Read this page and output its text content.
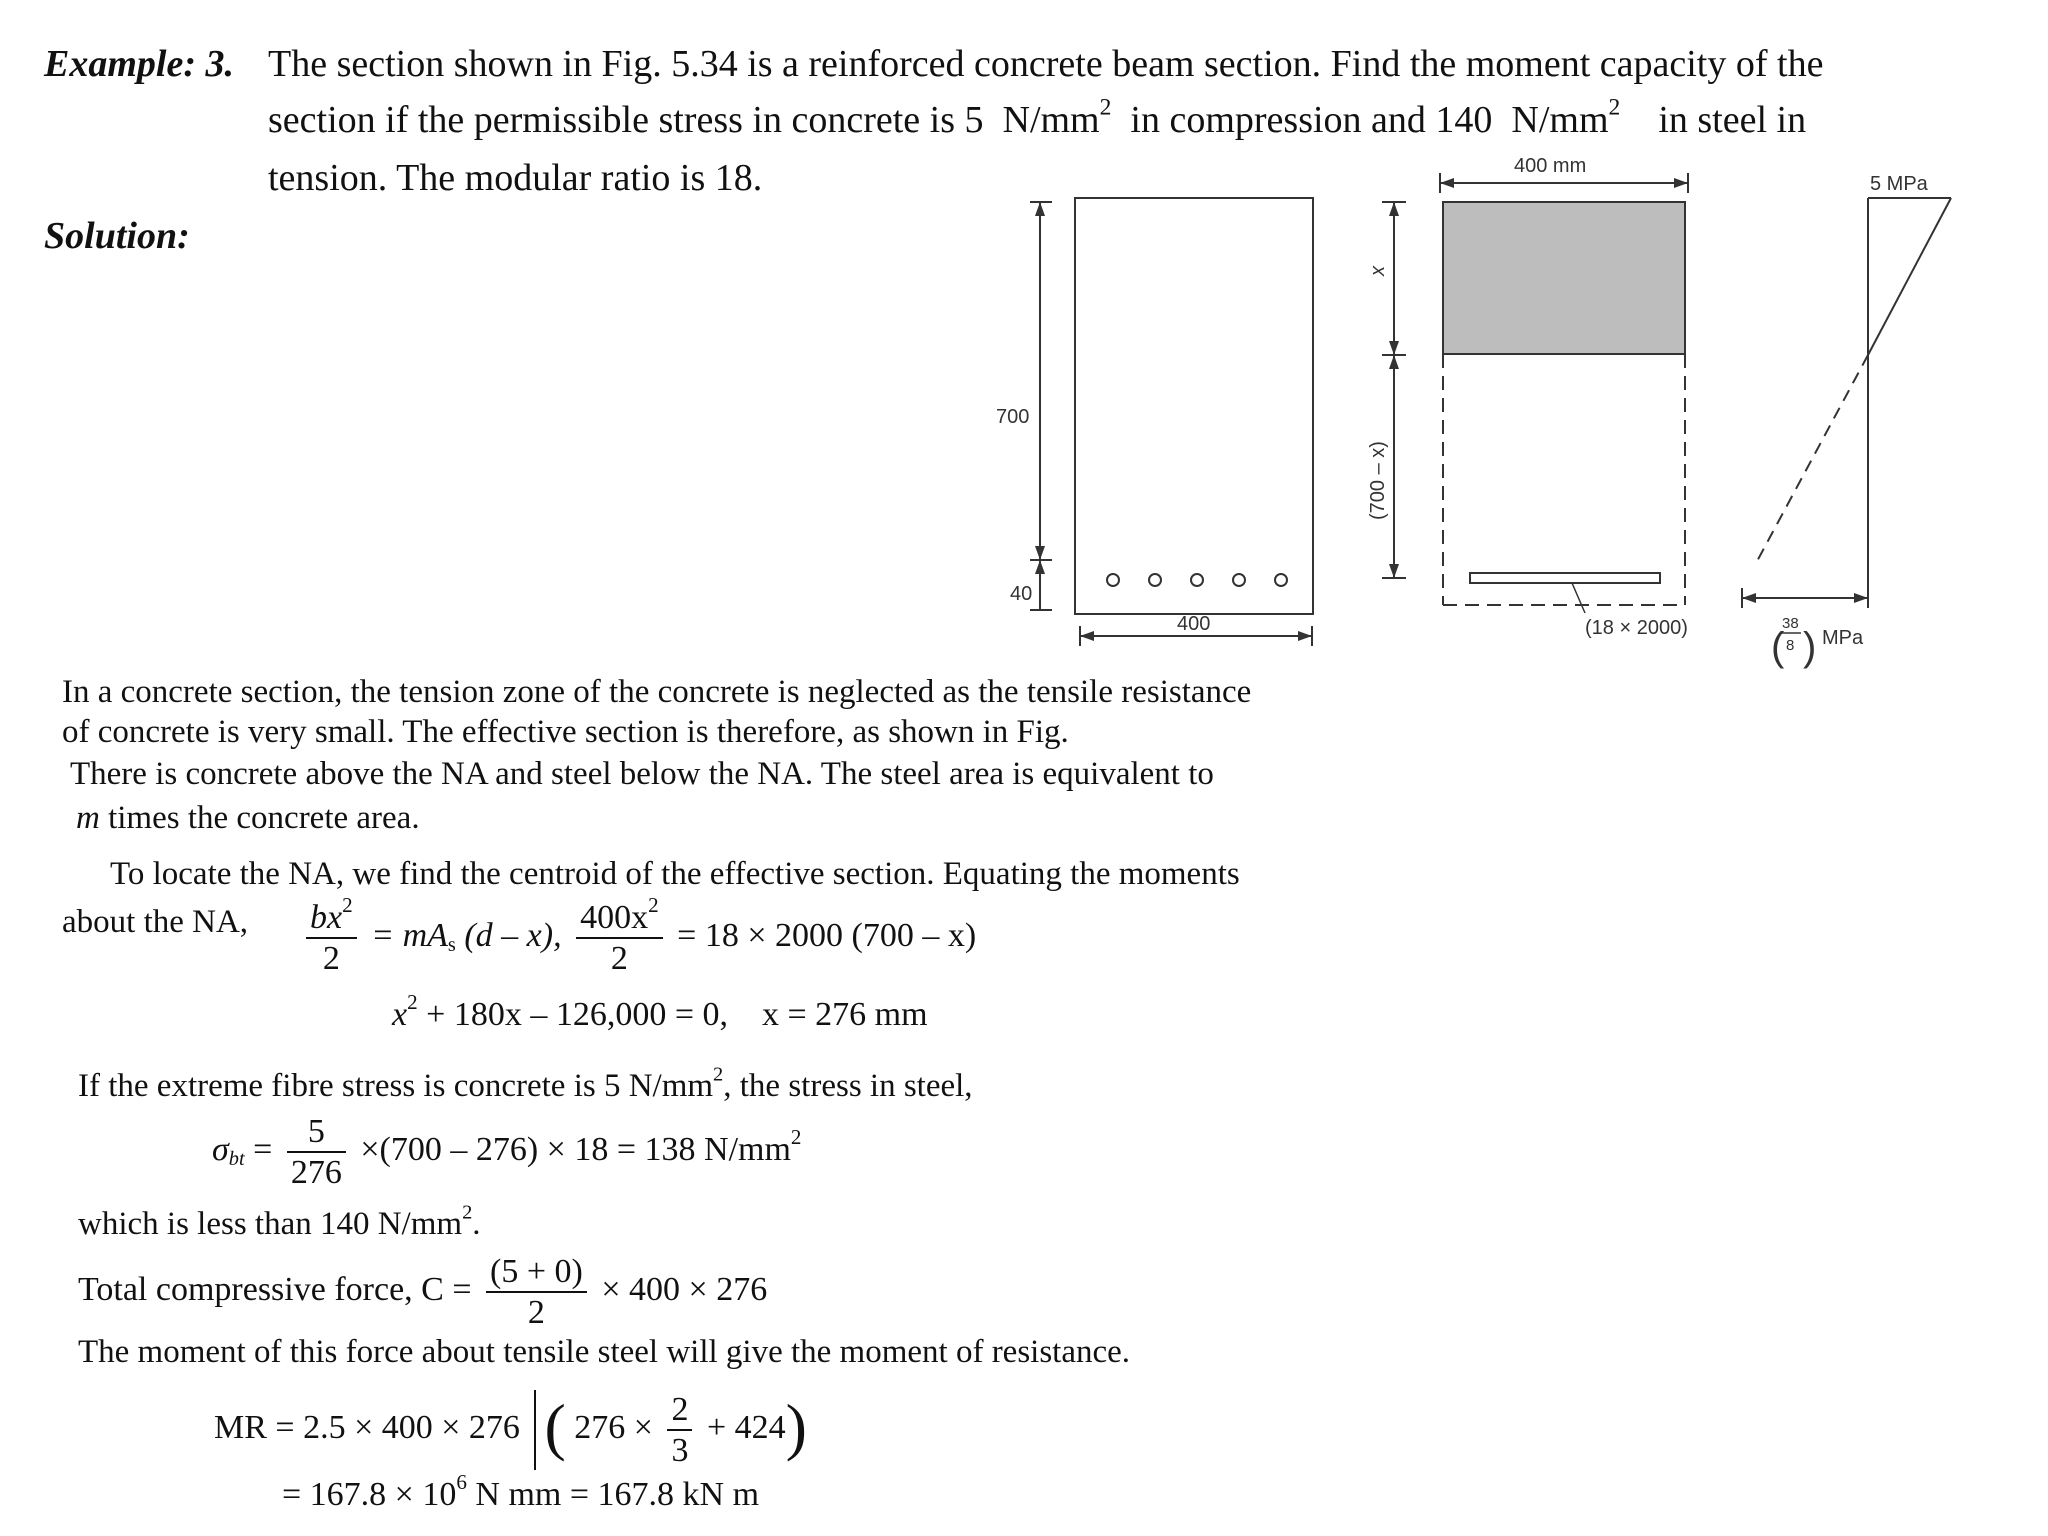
Example: 3. The section shown in Fig. 5.34 is a reinforced concrete beam section. Find the moment capacity of the
section if the permissible stress in concrete is 5 $N/mm^2$ in compression and 140 $N/mm^2$ in steel in
tension. The modular ratio is 18.
Solution:
700
40
400
x
(700 – x)
400 mm
(18 × 2000)
5 MPa
(
38
8 ) MPa
In a concrete section, the tension zone of the concrete is neglected as the tensile resistance
of concrete is very small. The effective section is therefore, as shown in Fig.
There is concrete above the NA and steel below the NA. The steel area is equivalent to
m times the concrete area.
To locate the NA, we find the centroid of the effective section. Equating the moments
about the NA, $\frac{bx^2}{2} = mA_s$ (d – x), $\frac{400x^2}{2} = 18 \times 2000$ (700 – x)
$x^2 + 180x - 126,000 = 0$, x = 276 mm
If the extreme fibre stress is concrete is 5 $N/mm^2$, the stress in steel,
$\sigma_{bt} = \frac{5}{276} \times(700 - 276) \times 18 = 138$ $N/mm^2$
which is less than 140 $N/mm^2$.
Total compressive force, $C = \frac{(5 + 0)}{2} \times 400 \times 276$
The moment of this force about tensile steel will give the moment of resistance.
MR = 2.5 × 400 × 276 ( $276 \times \frac{2}{3} + 424$)
= $167.8 \times 10^6$ N mm = 167.8 kN m
